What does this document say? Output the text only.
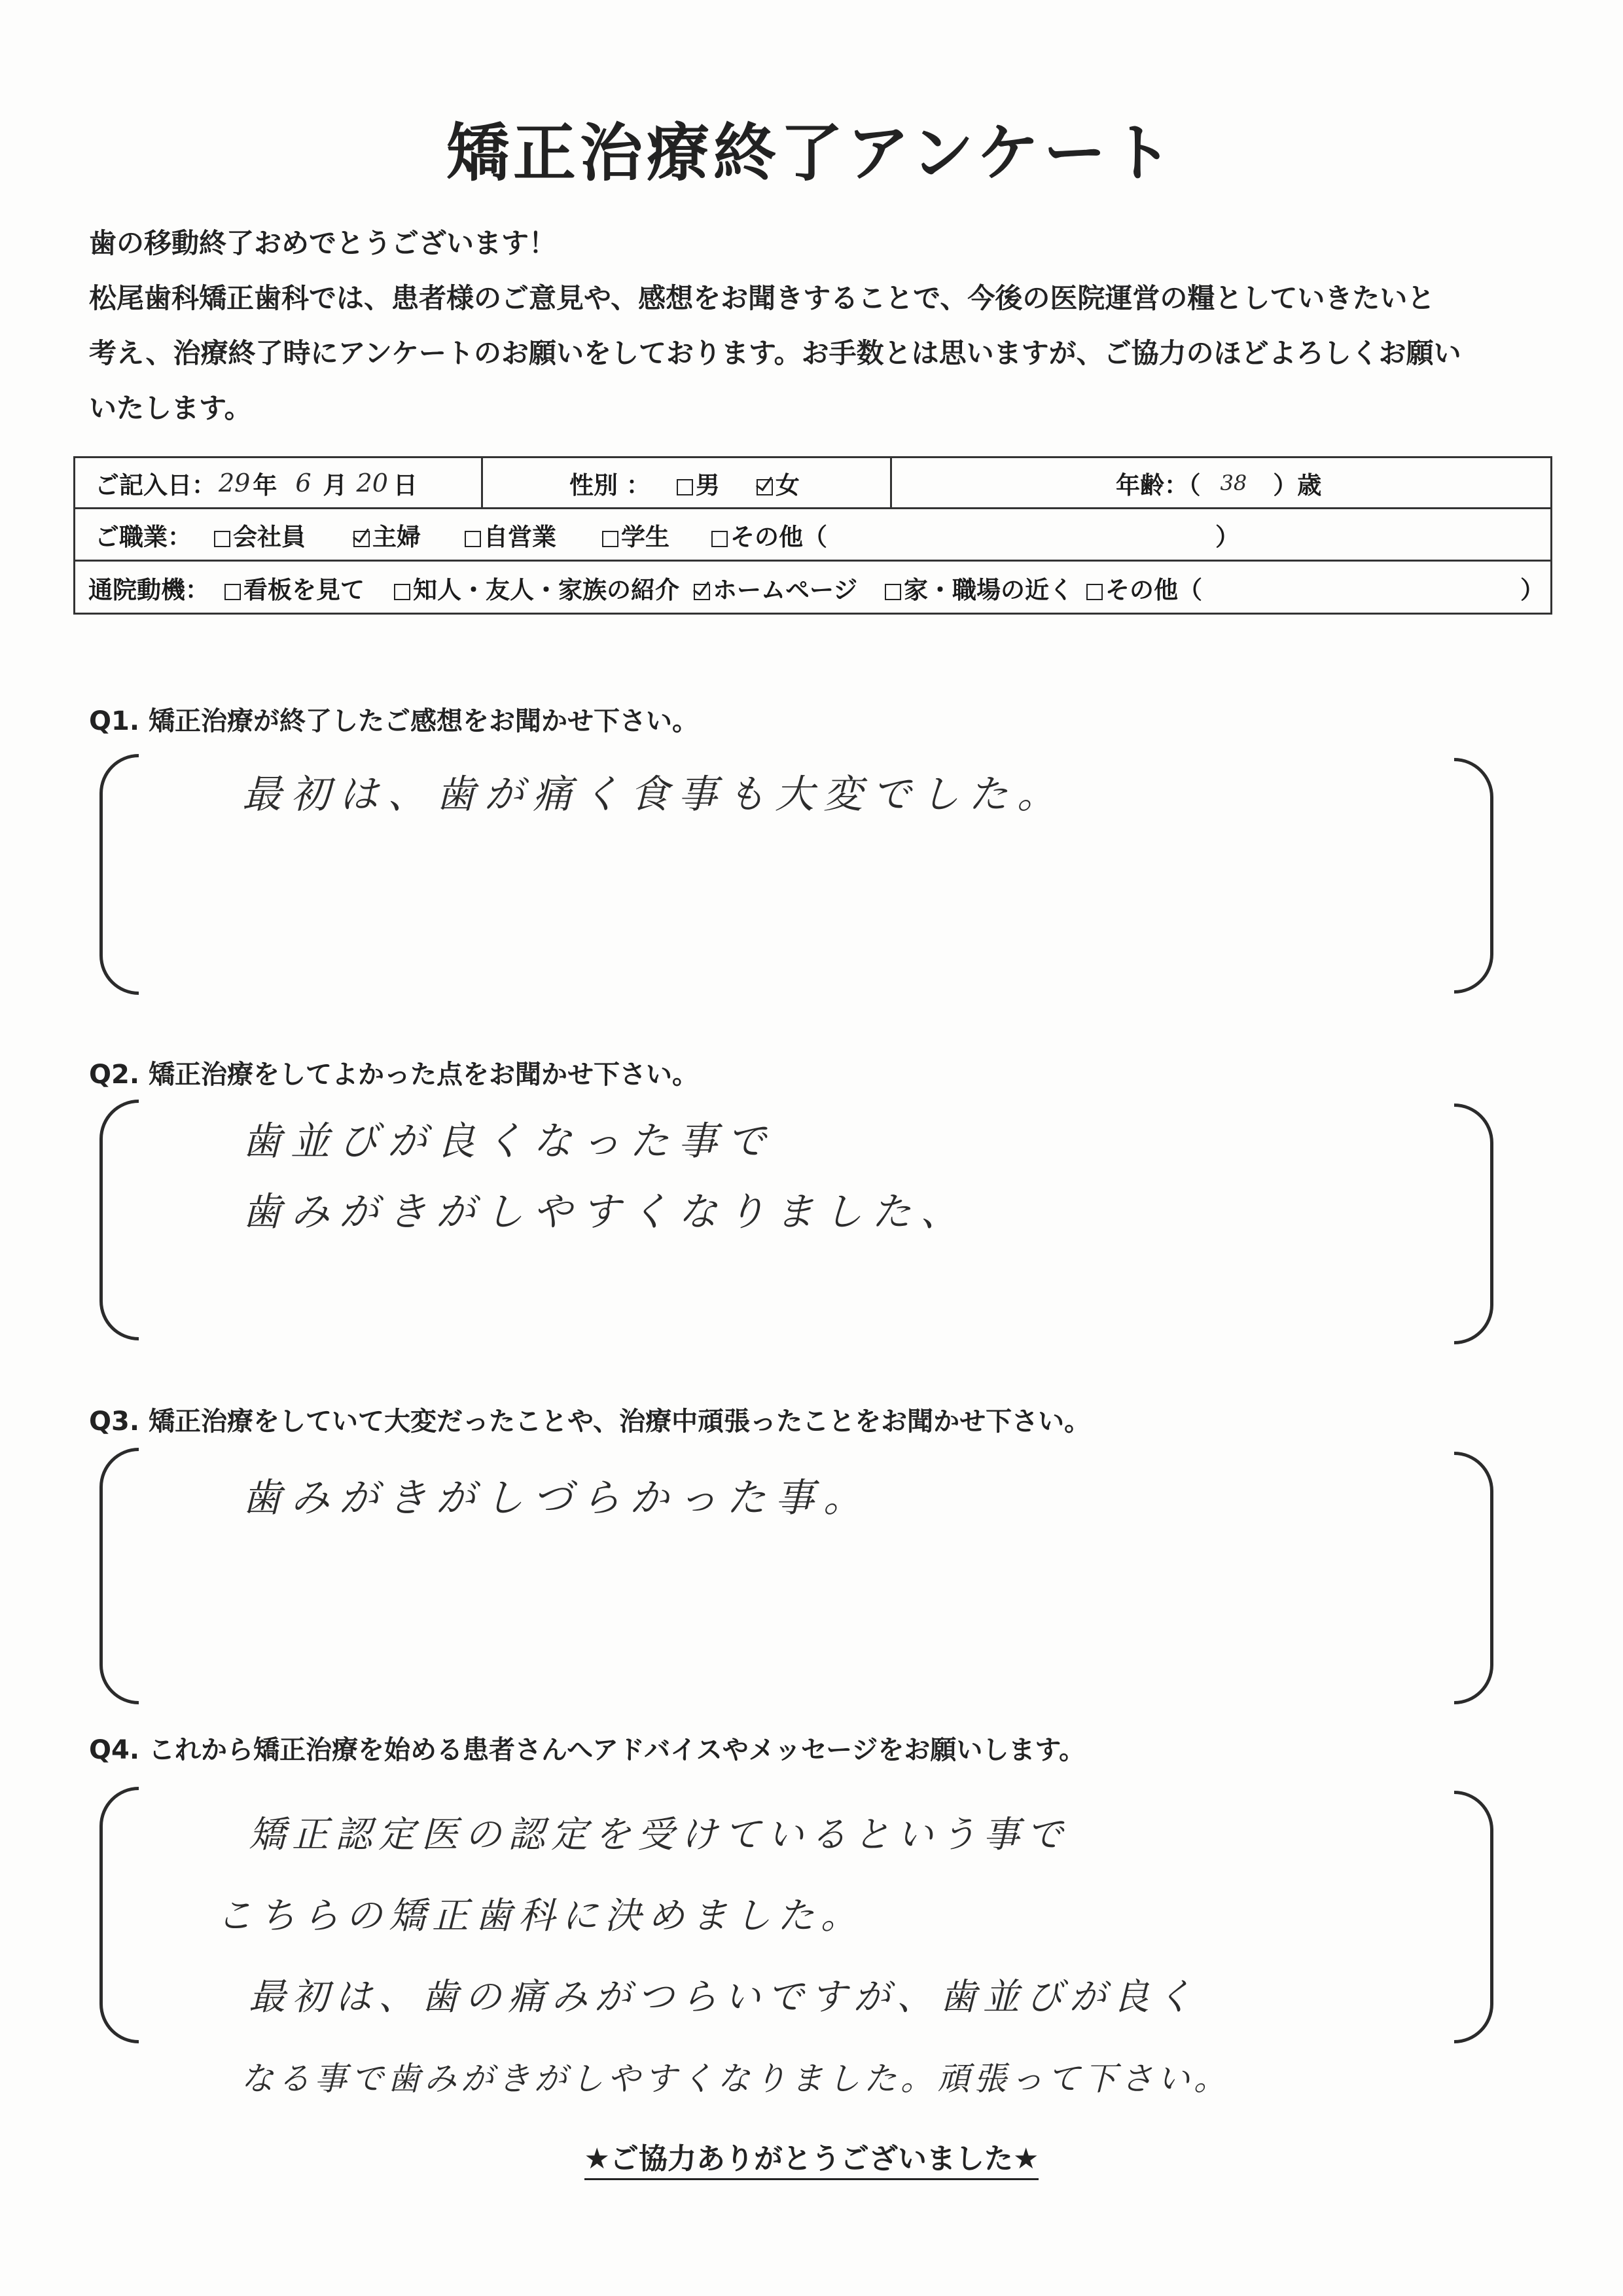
矯正治療終了アンケート
歯の移動終了おめでとうございます！
松尾歯科矯正歯科では、患者様のご意見や、感想をお聞きすることで、今後の医院運営の糧としていきたいと
考え、治療終了時にアンケートのお願いをしております。お手数とは思いますが、ご協力のほどよろしくお願い
いたします。
ご記入日： 29 年 6 月 20 日	性別 ：	男	女	年齢：（ 38 ）歳
ご職業：	会社員	主婦	自営業	学生	その他（	）
通院動機：	看板を見て	知人・友人・家族の紹介	ホームページ	家・職場の近く	その他（	）
Q1. 矯正治療が終了したご感想をお聞かせ下さい。
最初は、歯が痛く食事も大変でした。
Q2. 矯正治療をしてよかった点をお聞かせ下さい。
歯並びが良くなった事で
歯みがきがしやすくなりました、
Q3. 矯正治療をしていて大変だったことや、治療中頑張ったことをお聞かせ下さい。
歯みがきがしづらかった事。
Q4. これから矯正治療を始める患者さんへアドバイスやメッセージをお願いします。
矯正認定医の認定を受けているという事で
こちらの矯正歯科に決めました。
最初は、歯の痛みがつらいですが、歯並びが良く
なる事で歯みがきがしやすくなりました。頑張って下さい。
★ご協力ありがとうございました★
